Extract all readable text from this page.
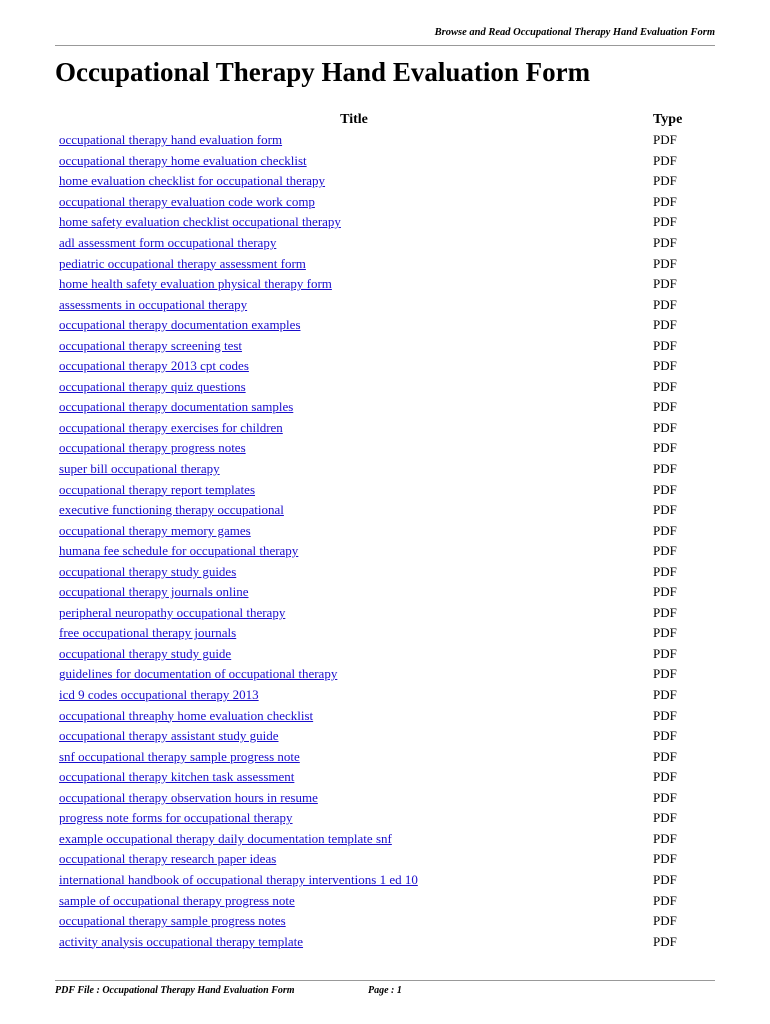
Browse and Read Occupational Therapy Hand Evaluation Form
Occupational Therapy Hand Evaluation Form
Title	Type
occupational therapy hand evaluation form	PDF
occupational therapy home evaluation checklist	PDF
home evaluation checklist for occupational therapy	PDF
occupational therapy evaluation code work comp	PDF
home safety evaluation checklist occupational therapy	PDF
adl assessment form occupational therapy	PDF
pediatric occupational therapy assessment form	PDF
home health safety evaluation physical therapy form	PDF
assessments in occupational therapy	PDF
occupational therapy documentation examples	PDF
occupational therapy screening test	PDF
occupational therapy 2013 cpt codes	PDF
occupational therapy quiz questions	PDF
occupational therapy documentation samples	PDF
occupational therapy exercises for children	PDF
occupational therapy progress notes	PDF
super bill occupational therapy	PDF
occupational therapy report templates	PDF
executive functioning therapy occupational	PDF
occupational therapy memory games	PDF
humana fee schedule for occupational therapy	PDF
occupational therapy study guides	PDF
occupational therapy journals online	PDF
peripheral neuropathy occupational therapy	PDF
free occupational therapy journals	PDF
occupational therapy study guide	PDF
guidelines for documentation of occupational therapy	PDF
icd 9 codes occupational therapy 2013	PDF
occupational threaphy home evaluation checklist	PDF
occupational therapy assistant study guide	PDF
snf occupational therapy sample progress note	PDF
occupational therapy kitchen task assessment	PDF
occupational therapy observation hours in resume	PDF
progress note forms for occupational therapy	PDF
example occupational therapy daily documentation template snf	PDF
occupational therapy research paper ideas	PDF
international handbook of occupational therapy interventions 1 ed 10	PDF
sample of occupational therapy progress note	PDF
occupational therapy sample progress notes	PDF
activity analysis occupational therapy template	PDF
PDF File : Occupational Therapy Hand Evaluation Form	Page : 1
